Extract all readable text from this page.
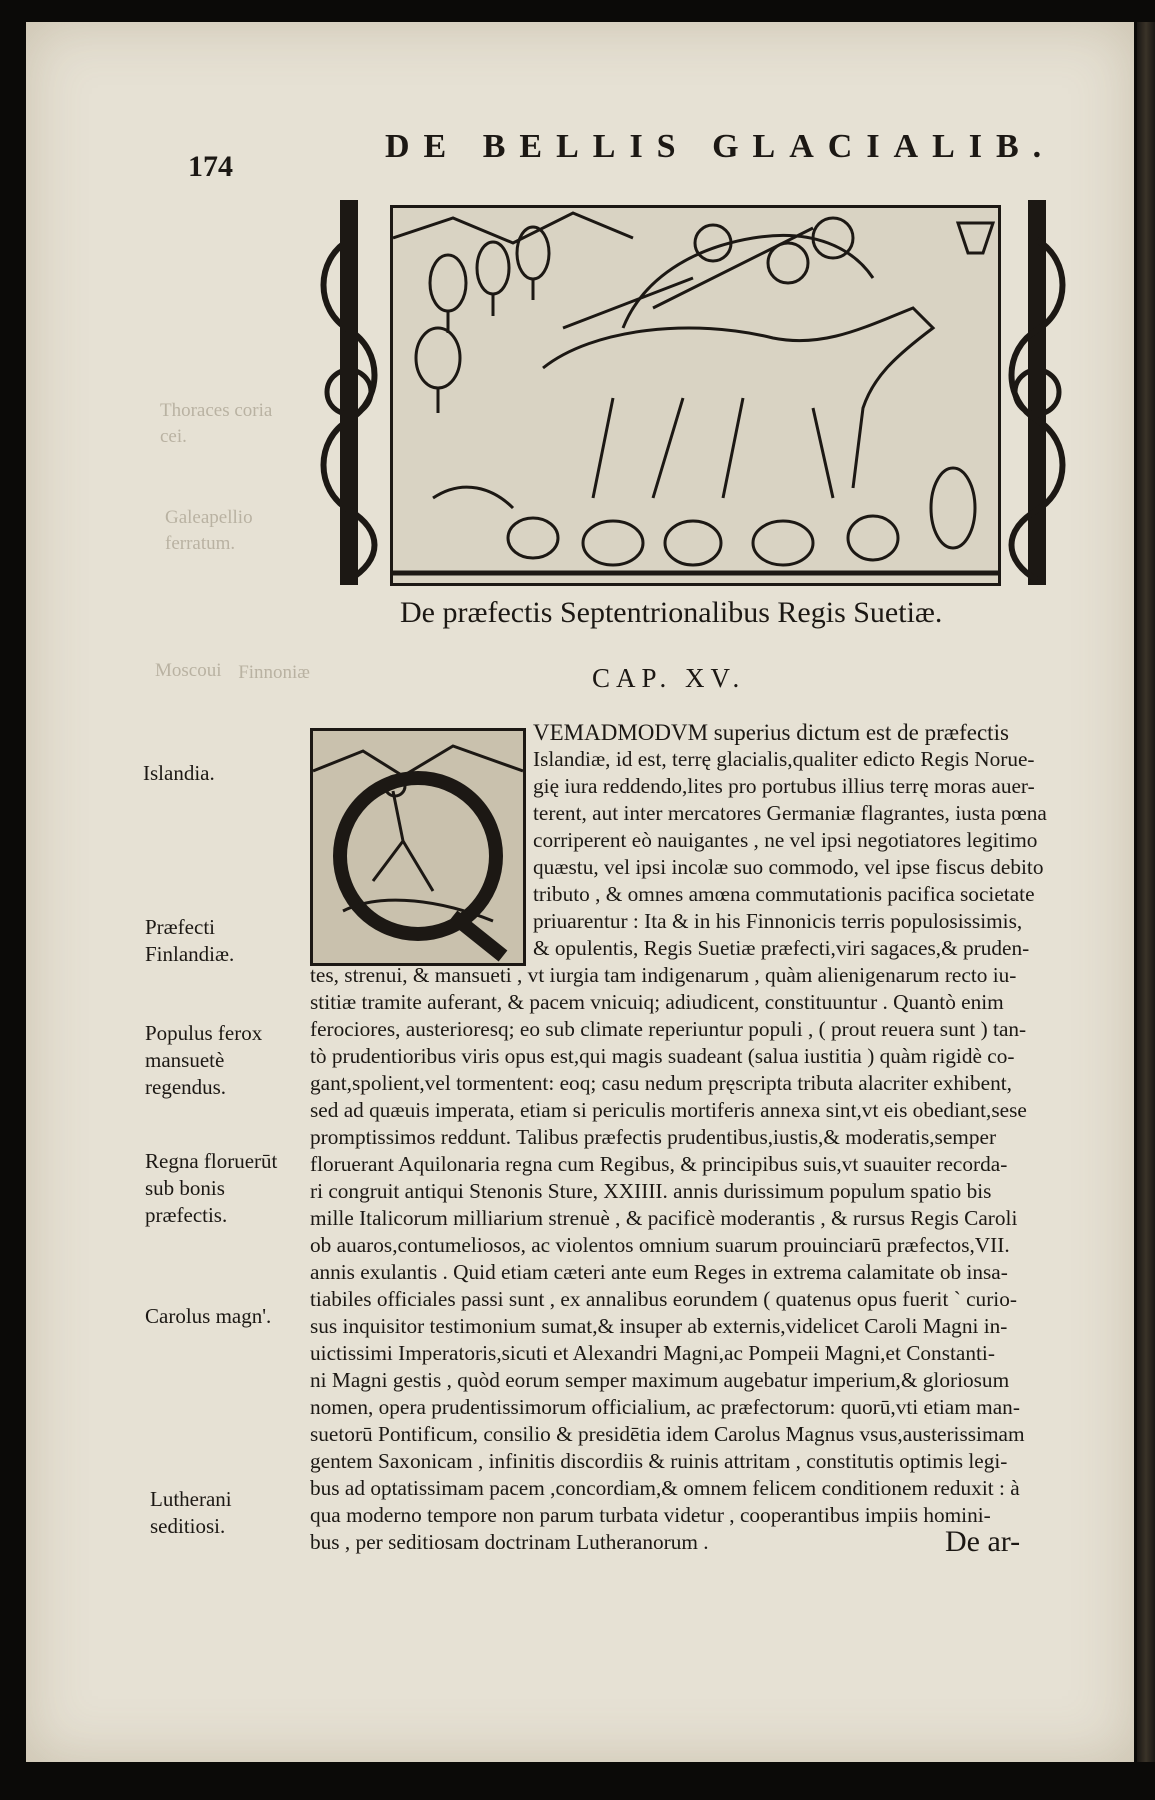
174
DE BELLIS GLACIALIB.
De præfectis Septentrionalibus Regis Suetiæ.
CAP. XV.
VEMADMODVM superius dictum est de præfectis
Islandiæ, id est, terrę glacialis,qualiter edicto Regis Norue-
gię iura reddendo,lites pro portubus illius terrę moras auer-
terent, aut inter mercatores Germaniæ flagrantes, iusta pœna
corriperent eò nauigantes , ne vel ipsi negotiatores legitimo
quæstu, vel ipsi incolæ suo commodo, vel ipse fiscus debito
tributo , & omnes amœna commutationis pacifica societate
priuarentur : Ita & in his Finnonicis terris populosissimis,
& opulentis, Regis Suetiæ præfecti,viri sagaces,& pruden-
tes, strenui, & mansueti , vt iurgia tam indigenarum , quàm alienigenarum recto iu-
stitiæ tramite auferant, & pacem vnicuiq; adiudicent, constituuntur . Quantò enim
ferociores, austerioresq; eo sub climate reperiuntur populi , ( prout reuera sunt ) tan-
tò prudentioribus viris opus est,qui magis suadeant (salua iustitia ) quàm rigidè co-
gant,spolient,vel tormentent: eoq; casu nedum pręscripta tributa alacriter exhibent,
sed ad quæuis imperata, etiam si periculis mortiferis annexa sint,vt eis obediant,sese
promptissimos reddunt. Talibus præfectis prudentibus,iustis,& moderatis,semper
floruerant Aquilonaria regna cum Regibus, & principibus suis,vt suauiter recorda-
ri congruit antiqui Stenonis Sture, XXIIII. annis durissimum populum spatio bis
mille Italicorum milliarium strenuè , & pacificè moderantis , & rursus Regis Caroli
ob auaros,contumeliosos, ac violentos omnium suarum prouinciarū præfectos,VII.
annis exulantis . Quid etiam cæteri ante eum Reges in extrema calamitate ob insa-
tiabiles officiales passi sunt , ex annalibus eorundem ( quatenus opus fuerit ` curio-
sus inquisitor testimonium sumat,& insuper ab externis,videlicet Caroli Magni in-
uictissimi Imperatoris,sicuti et Alexandri Magni,ac Pompeii Magni,et Constanti-
ni Magni gestis , quòd eorum semper maximum augebatur imperium,& gloriosum
nomen, opera prudentissimorum officialium, ac præfectorum: quorū,vti etiam man-
suetorū Pontificum, consilio & presidētia idem Carolus Magnus vsus,austerissimam
gentem Saxonicam , infinitis discordiis & ruinis attritam , constitutis optimis legi-
bus ad optatissimam pacem ,concordiam,& omnem felicem conditionem reduxit : à
qua moderno tempore non parum turbata videtur , cooperantibus impiis homini-
bus , per seditiosam doctrinam Lutheranorum .
Islandia.
Præfecti Finlandiæ.
Populus ferox mansuetè regendus.
Regna floruerūt sub bonis præfectis.
Carolus magn'.
Lutherani seditiosi.
Thoraces coria cei.
Galeapellio ferratum.
Moscoui Finnoniæ
De ar-
